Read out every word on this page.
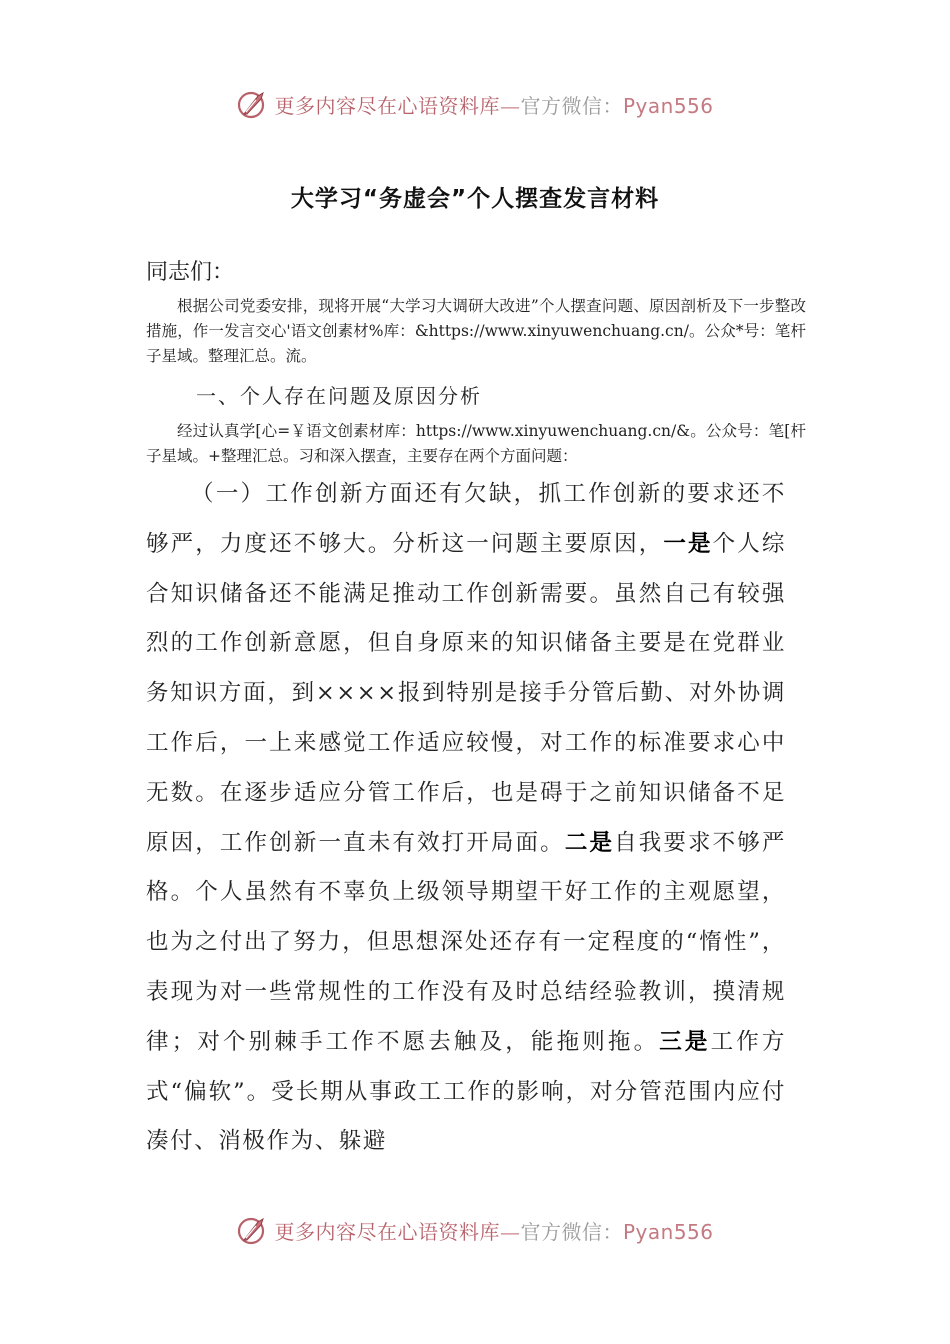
更多内容尽在心语资料库—官方微信：Pyan556
大学习“务虚会”个人摆查发言材料
同志们：
根据公司党委安排，现将开展“大学习大调研大改进”个人摆查问题、原因剖析及下一步整改措施，作一发言交心'语文创素材%库：&https://www.xinyuwenchuang.cn/。公众*号：笔杆子星域。整理汇总。流。
一、个人存在问题及原因分析
经过认真学[心=￥语文创素材库：https://www.xinyuwenchuang.cn/&。公众号：笔[杆子星域。+整理汇总。习和深入摆查，主要存在两个方面问题：
（一）工作创新方面还有欠缺，抓工作创新的要求还不够严，力度还不够大。分析这一问题主要原因，一是个人综合知识储备还不能满足推动工作创新需要。虽然自己有较强烈的工作创新意愿，但自身原来的知识储备主要是在党群业务知识方面，到××××报到特别是接手分管后勤、对外协调工作后，一上来感觉工作适应较慢，对工作的标准要求心中无数。在逐步适应分管工作后，也是碍于之前知识储备不足原因，工作创新一直未有效打开局面。二是自我要求不够严格。个人虽然有不辜负上级领导期望干好工作的主观愿望，也为之付出了努力，但思想深处还存有一定程度的“惰性”，表现为对一些常规性的工作没有及时总结经验教训，摸清规律；对个别棘手工作不愿去触及，能拖则拖。三是工作方式“偏软”。受长期从事政工工作的影响，对分管范围内应付凑付、消极作为、躲避
更多内容尽在心语资料库—官方微信：Pyan556
